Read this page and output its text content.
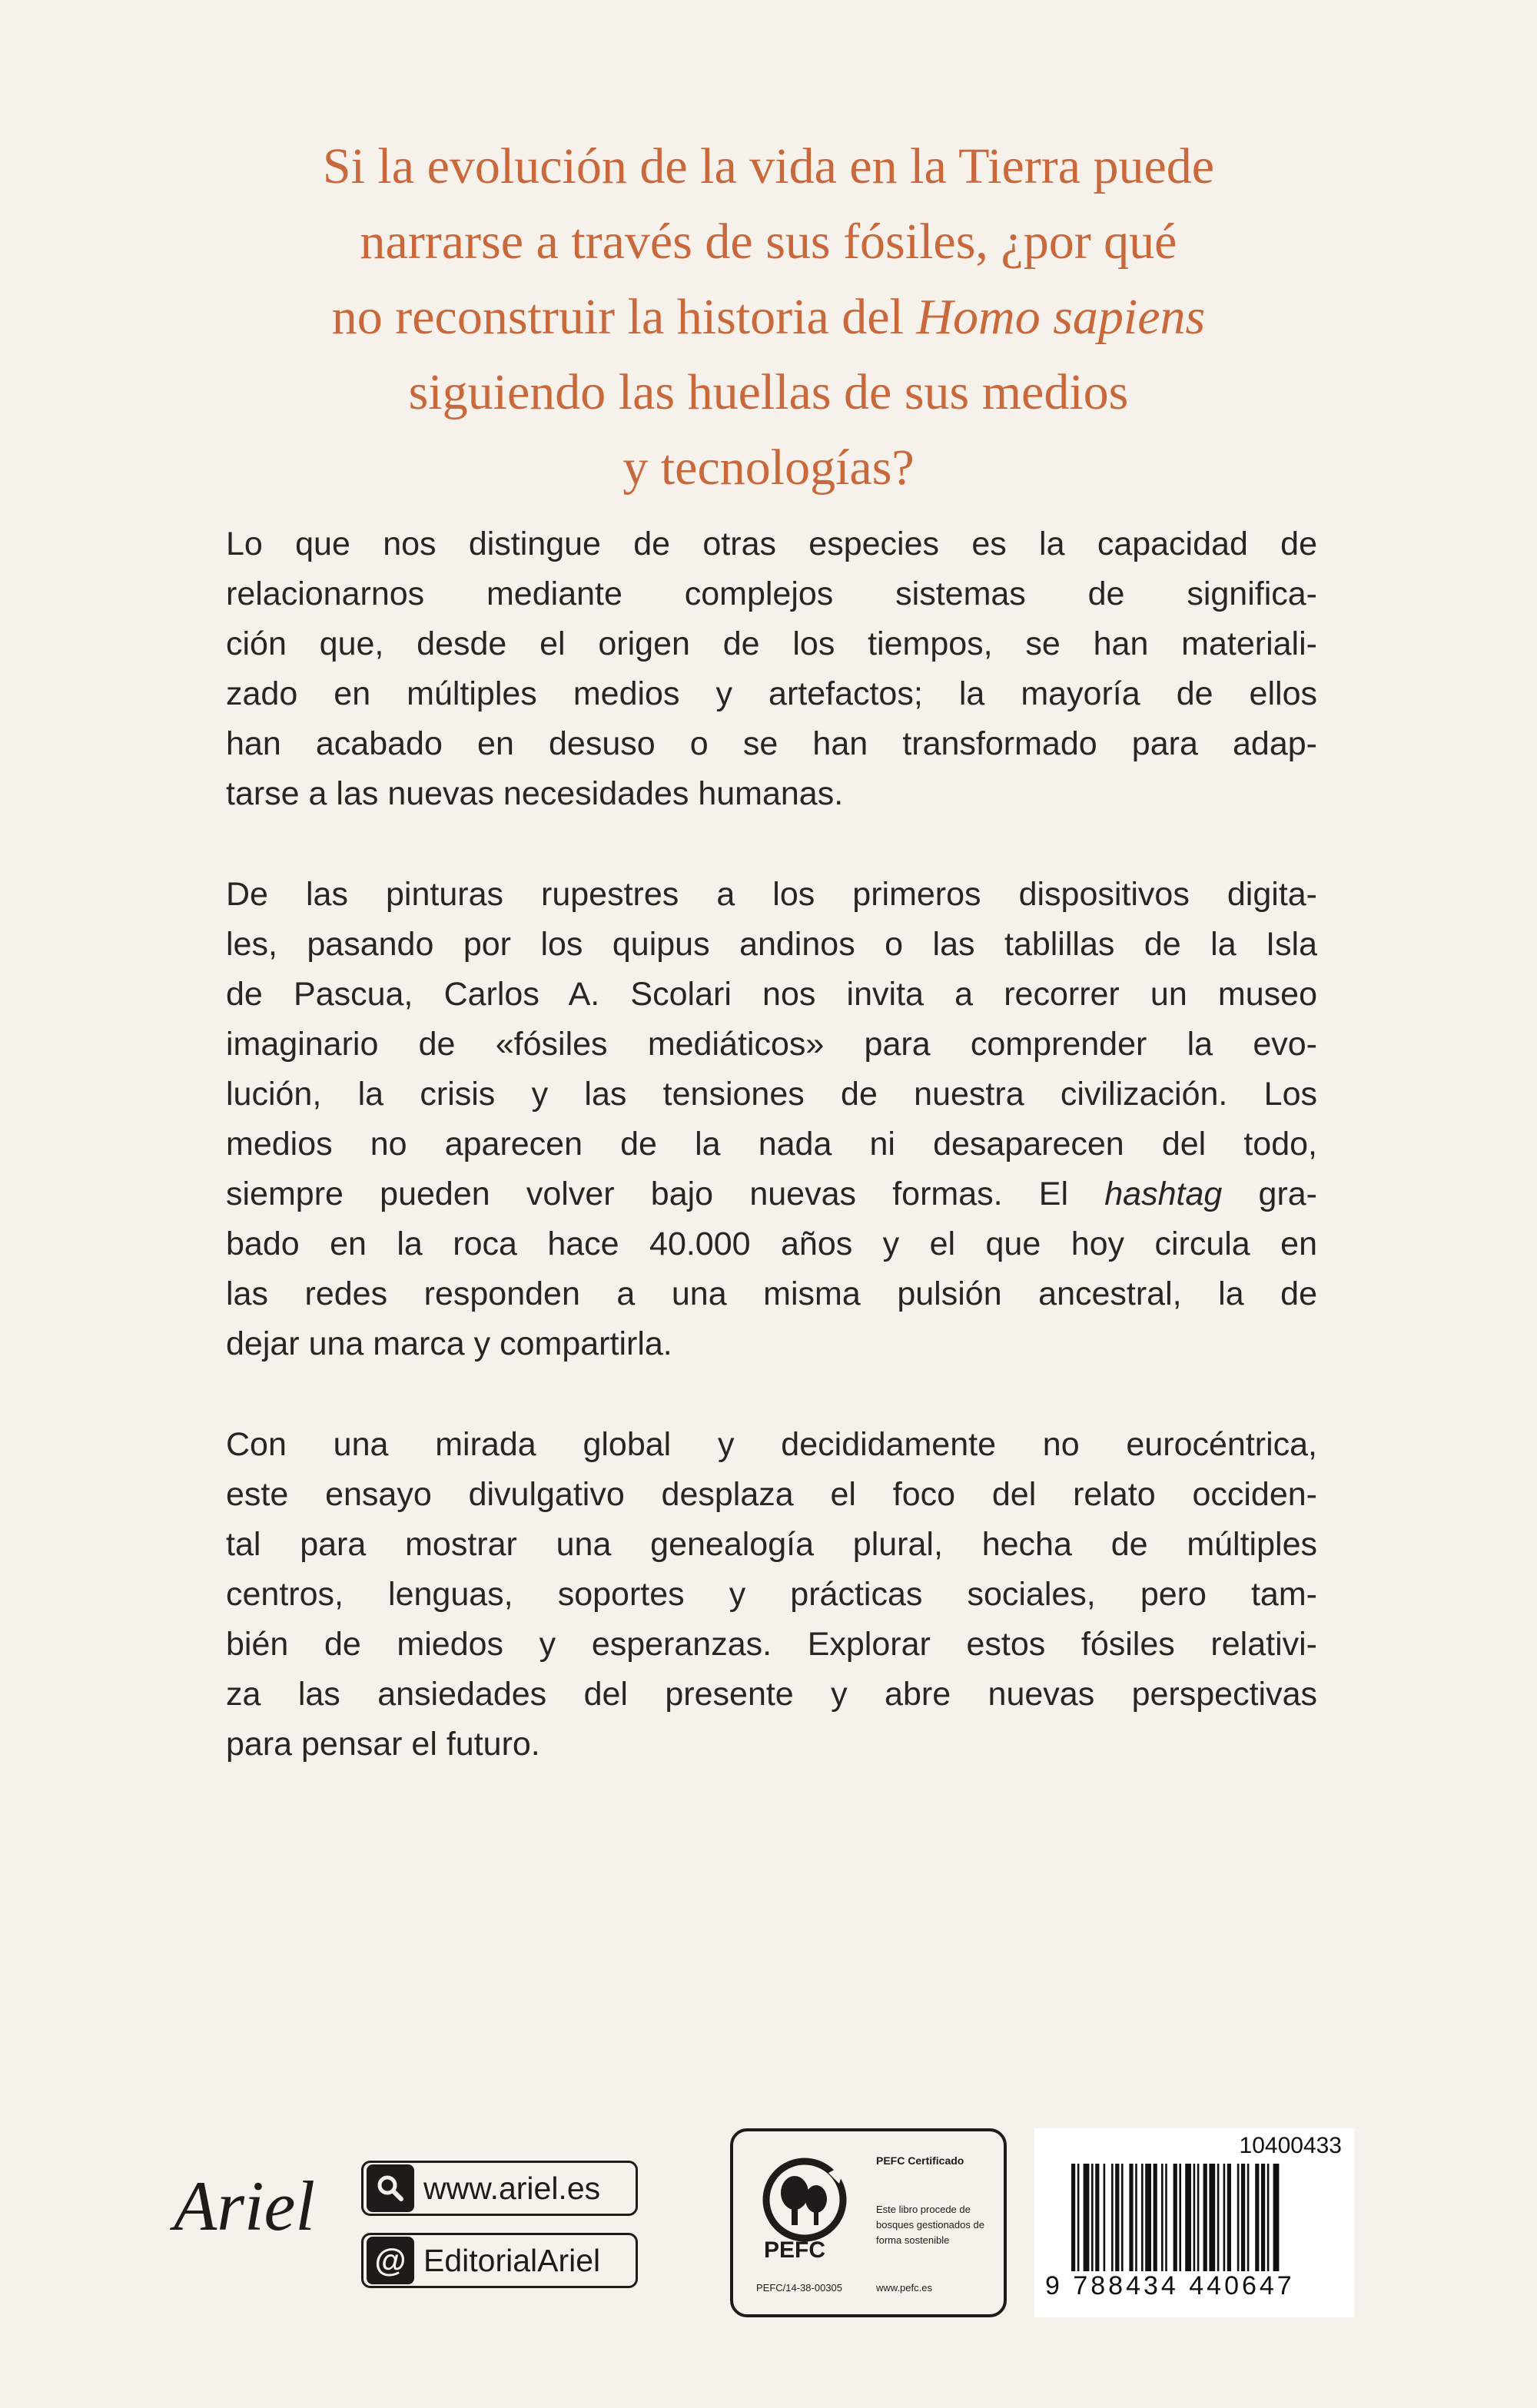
Si la evolución de la vida en la Tierra puede

narrarse a través de sus fósiles, ¿por qué

no reconstruir la historia del Homo sapiens

siguiendo las huellas de sus medios

y tecnologías?

Lo que nos distingue de otras especies es la capacidad de
relacionarnos mediante complejos sistemas de significa-
ción que, desde el origen de los tiempos, se han materiali-
zado en múltiples medios y artefactos; la mayoría de ellos
han acabado en desuso o se han transformado para adap-
tarse a las nuevas necesidades humanas.
De las pinturas rupestres a los primeros dispositivos digita-
les, pasando por los quipus andinos o las tablillas de la Isla
de Pascua, Carlos A. Scolari nos invita a recorrer un museo
imaginario de «fósiles mediáticos» para comprender la evo-
lución, la crisis y las tensiones de nuestra civilización. Los
medios no aparecen de la nada ni desaparecen del todo,
siempre pueden volver bajo nuevas formas. El hashtag gra-
bado en la roca hace 40.000 años y el que hoy circula en
las redes responden a una misma pulsión ancestral, la de
dejar una marca y compartirla.
Con una mirada global y decididamente no eurocéntrica,
este ensayo divulgativo desplaza el foco del relato occiden-
tal para mostrar una genealogía plural, hecha de múltiples
centros, lenguas, soportes y prácticas sociales, pero tam-
bién de miedos y esperanzas. Explorar estos fósiles relativi-
za las ansiedades del presente y abre nuevas perspectivas
para pensar el futuro.
Ariel	www.ariel.es
@ EditorialAriel	PEFC
PEFC Certificado
Este libro procede de bosques gestionados de forma sostenible
PEFC/14-38-00305	www.pefc.es
10400433
9 788434 440647
